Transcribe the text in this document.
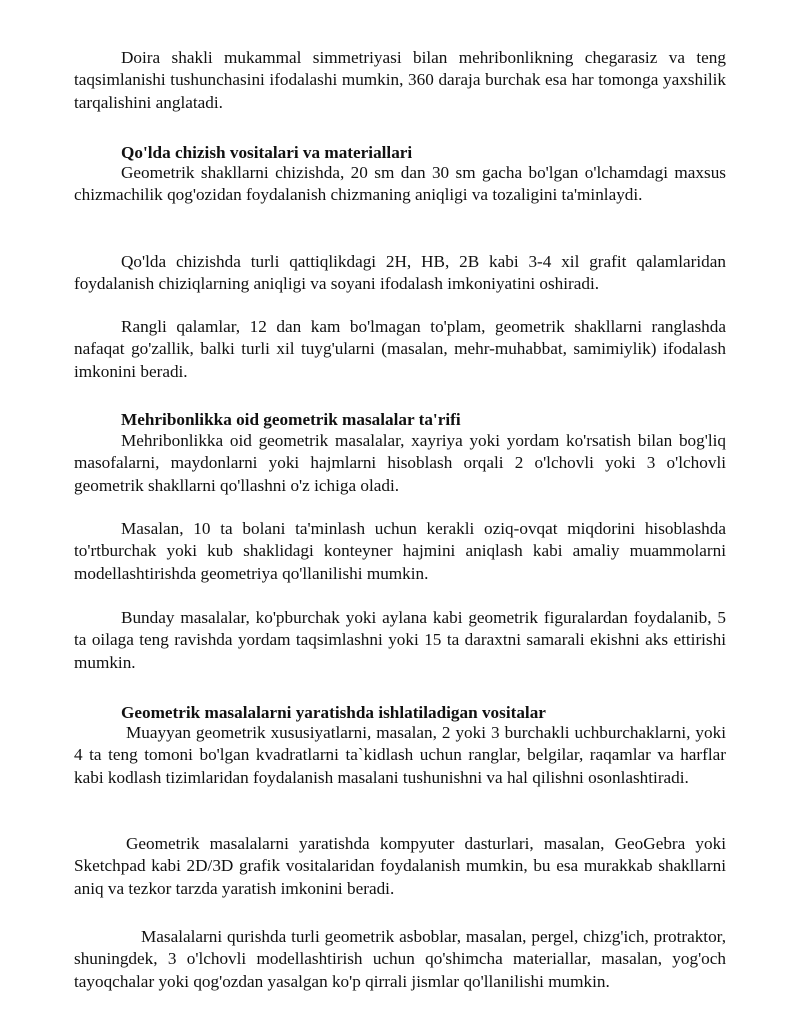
Doira shakli mukammal simmetriyasi bilan mehribonlikning chegarasiz va teng taqsimlanishi tushunchasini ifodalashi mumkin, 360 daraja burchak esa har tomonga yaxshilik tarqalishini anglatadi.

Qo'lda chizish vositalari va materiallari

Geometrik shakllarni chizishda, 20 sm dan 30 sm gacha bo'lgan o'lchamdagi maxsus chizmachilik qog'ozidan foydalanish chizmaning aniqligi va tozaligini ta'minlaydi.

Qo'lda chizishda turli qattiqlikdagi 2H, HB, 2B kabi 3-4 xil grafit qalamlaridan foydalanish chiziqlarning aniqligi va soyani ifodalash imkoniyatini oshiradi.

Rangli qalamlar, 12 dan kam bo'lmagan to'plam, geometrik shakllarni ranglashda nafaqat go'zallik, balki turli xil tuyg'ularni (masalan, mehr-muhabbat, samimiylik) ifodalash imkonini beradi.

Mehribonlikka oid geometrik masalalar ta'rifi

Mehribonlikka oid geometrik masalalar, xayriya yoki yordam ko'rsatish bilan bog'liq masofalarni, maydonlarni yoki hajmlarni hisoblash orqali 2 o'lchovli yoki 3 o'lchovli geometrik shakllarni qo'llashni o'z ichiga oladi.

Masalan, 10 ta bolani ta'minlash uchun kerakli oziq-ovqat miqdorini hisoblashda to'rtburchak yoki kub shaklidagi konteyner hajmini aniqlash kabi amaliy muammolarni modellashtirishda geometriya qo'llanilishi mumkin.

Bunday masalalar, ko'pburchak yoki aylana kabi geometrik figuralardan foydalanib, 5 ta oilaga teng ravishda yordam taqsimlashni yoki 15 ta daraxtni samarali ekishni aks ettirishi mumkin.

Geometrik masalalarni yaratishda ishlatiladigan vositalar

Muayyan geometrik xususiyatlarni, masalan, 2 yoki 3 burchakli uchburchaklarni, yoki 4 ta teng tomoni bo'lgan kvadratlarni ta`kidlash uchun ranglar, belgilar, raqamlar va harflar kabi kodlash tizimlaridan foydalanish masalani tushunishni va hal qilishni osonlashtiradi.

Geometrik masalalarni yaratishda kompyuter dasturlari, masalan, GeoGebra yoki Sketchpad kabi 2D/3D grafik vositalaridan foydalanish mumkin, bu esa murakkab shakllarni aniq va tezkor tarzda yaratish imkonini beradi.

Masalalarni qurishda turli geometrik asboblar, masalan, pergel, chizg'ich, protraktor, shuningdek, 3 o'lchovli modellashtirish uchun qo'shimcha materiallar, masalan, yog'och tayoqchalar yoki qog'ozdan yasalgan ko'p qirrali jismlar qo'llanilishi mumkin.
